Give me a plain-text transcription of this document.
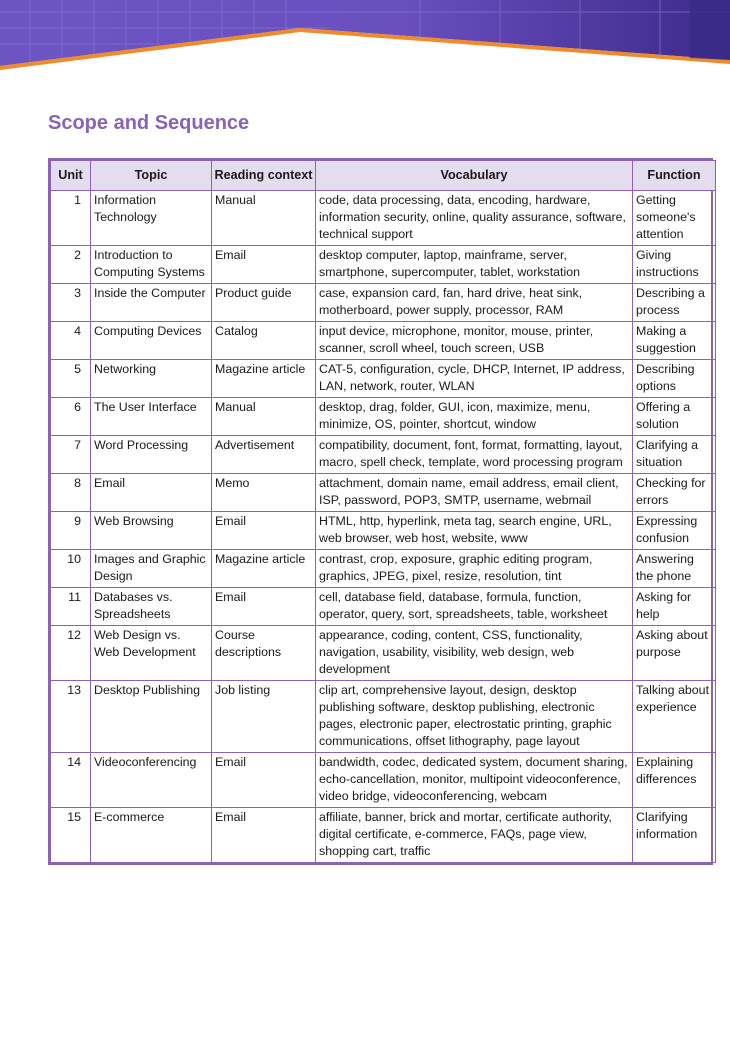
Scope and Sequence
Unit	Topic	Reading context	Vocabulary	Function
1	Information Technology	Manual	code, data processing, data, encoding, hardware, information security, online, quality assurance, software, technical support	Getting someone's attention
2	Introduction to Computing Systems	Email	desktop computer, laptop, mainframe, server, smartphone, supercomputer, tablet, workstation	Giving instructions
3	Inside the Computer	Product guide	case, expansion card, fan, hard drive, heat sink, motherboard, power supply, processor, RAM	Describing a process
4	Computing Devices	Catalog	input device, microphone, monitor, mouse, printer, scanner, scroll wheel, touch screen, USB	Making a suggestion
5	Networking	Magazine article	CAT-5, configuration, cycle, DHCP, Internet, IP address, LAN, network, router, WLAN	Describing options
6	The User Interface	Manual	desktop, drag, folder, GUI, icon, maximize, menu, minimize, OS, pointer, shortcut, window	Offering a solution
7	Word Processing	Advertisement	compatibility, document, font, format, formatting, layout, macro, spell check, template, word processing program	Clarifying a situation
8	Email	Memo	attachment, domain name, email address, email client, ISP, password, POP3, SMTP, username, webmail	Checking for errors
9	Web Browsing	Email	HTML, http, hyperlink, meta tag, search engine, URL, web browser, web host, website, www	Expressing confusion
10	Images and Graphic Design	Magazine article	contrast, crop, exposure, graphic editing program, graphics, JPEG, pixel, resize, resolution, tint	Answering the phone
11	Databases vs. Spreadsheets	Email	cell, database field, database, formula, function, operator, query, sort, spreadsheets, table, worksheet	Asking for help
12	Web Design vs. Web Development	Course descriptions	appearance, coding, content, CSS, functionality, navigation, usability, visibility, web design, web development	Asking about purpose
13	Desktop Publishing	Job listing	clip art, comprehensive layout, design, desktop publishing software, desktop publishing, electronic pages, electronic paper, electrostatic printing, graphic communications, offset lithography, page layout	Talking about experience
14	Videoconferencing	Email	bandwidth, codec, dedicated system, document sharing, echo-cancellation, monitor, multipoint videoconference, video bridge, videoconferencing, webcam	Explaining differences
15	E-commerce	Email	affiliate, banner, brick and mortar, certificate authority, digital certificate, e-commerce, FAQs, page view, shopping cart, traffic	Clarifying information
